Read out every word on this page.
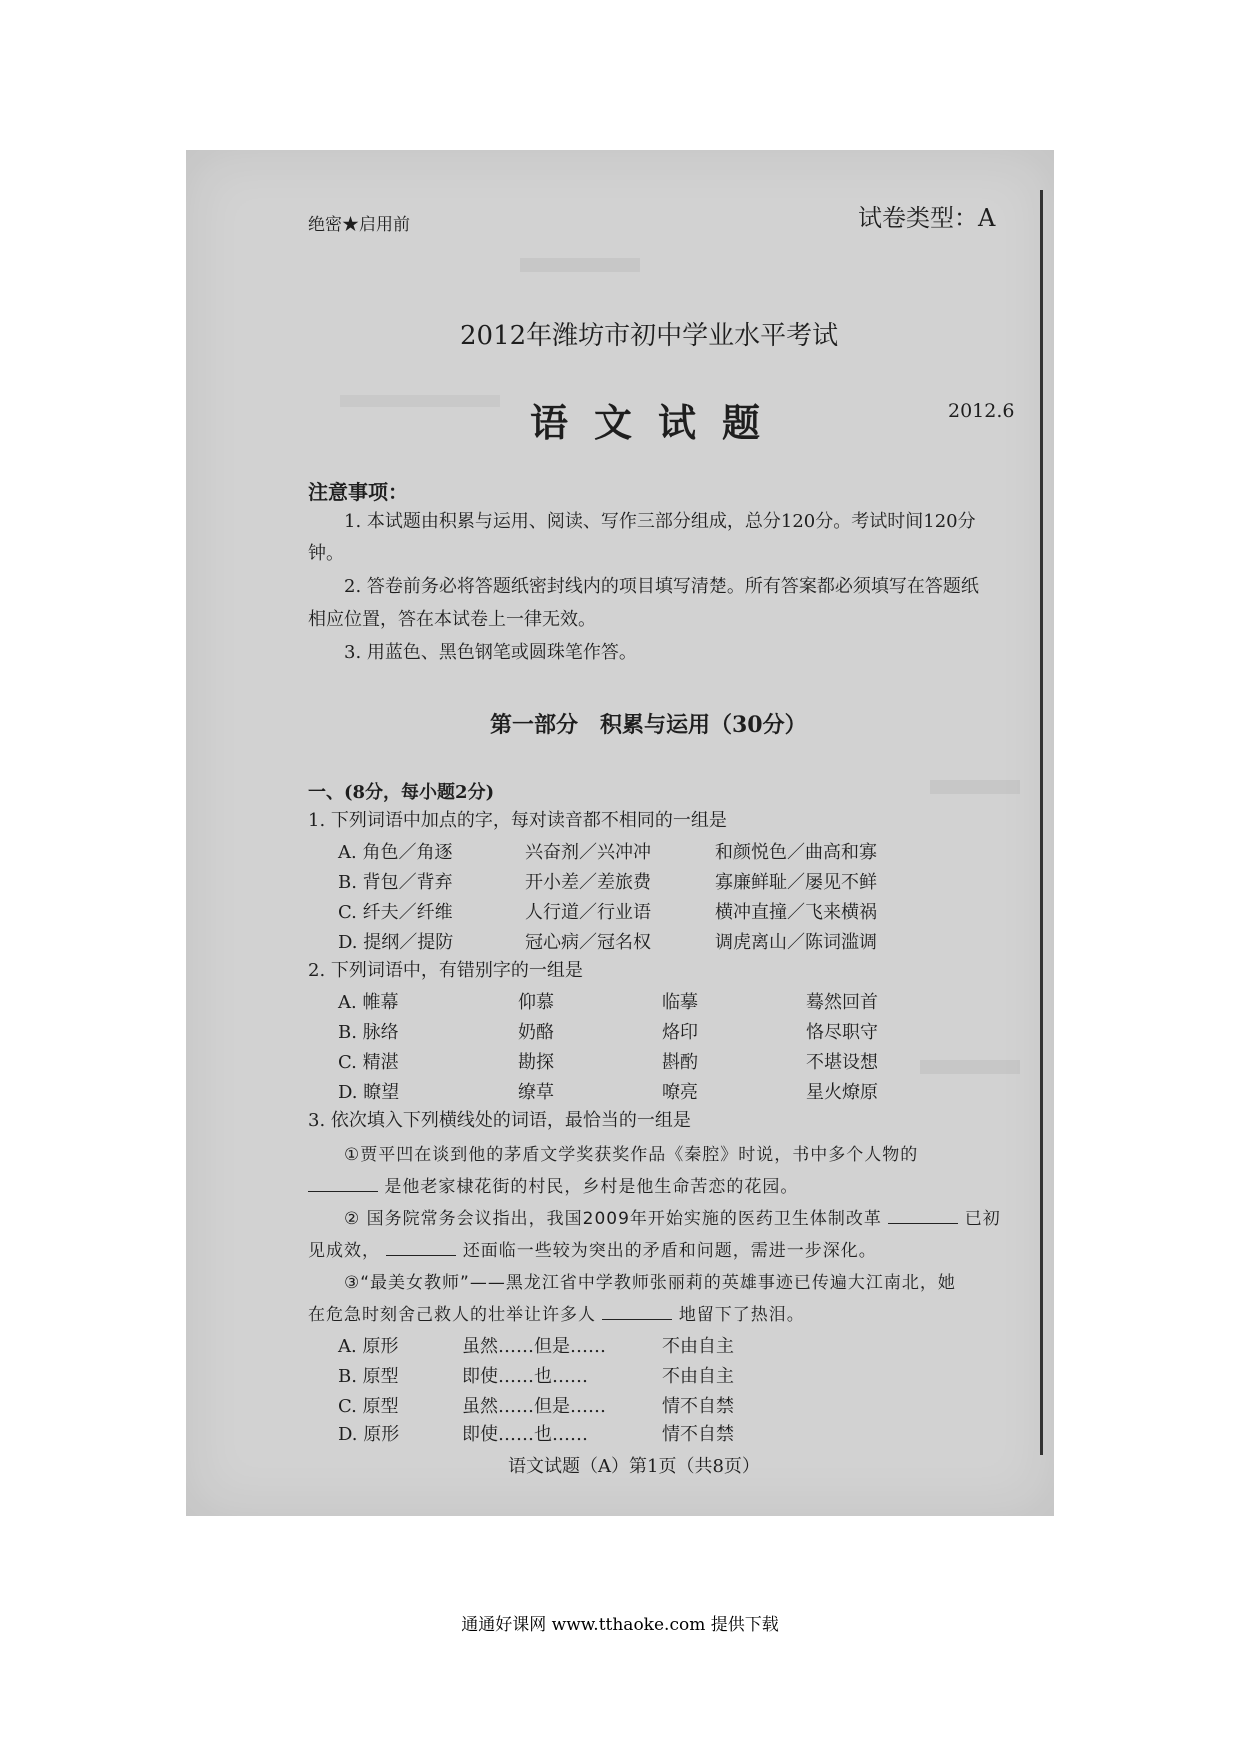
绝密★启用前	试卷类型：A
2012年潍坊市初中学业水平考试
语文试题	2012.6
注意事项：
1. 本试题由积累与运用、阅读、写作三部分组成，总分120分。考试时间120分
钟。
2. 答卷前务必将答题纸密封线内的项目填写清楚。所有答案都必须填写在答题纸
相应位置，答在本试卷上一律无效。
3. 用蓝色、黑色钢笔或圆珠笔作答。
第一部分　积累与运用（30分）
一、(8分，每小题2分)
1. 下列词语中加点的字，每对读音都不相同的一组是
A. 角色／角逐	兴奋剂／兴冲冲	和颜悦色／曲高和寡
B. 背包／背弃	开小差／差旅费	寡廉鲜耻／屡见不鲜
C. 纤夫／纤维	人行道／行业语	横冲直撞／飞来横祸
D. 提纲／提防	冠心病／冠名权	调虎离山／陈词滥调
2. 下列词语中，有错别字的一组是
A. 帷幕	仰慕	临摹	蓦然回首
B. 脉络	奶酪	烙印	恪尽职守
C. 精湛	勘探	斟酌	不堪设想
D. 瞭望	缭草	嘹亮	星火燎原
3. 依次填入下列横线处的词语，最恰当的一组是
①贾平凹在谈到他的茅盾文学奖获奖作品《秦腔》时说，书中多个人物的
是他老家棣花街的村民，乡村是他生命苦恋的花园。
② 国务院常务会议指出，我国2009年开始实施的医药卫生体制改革	已初
见成效，	还面临一些较为突出的矛盾和问题，需进一步深化。
③“最美女教师”——黑龙江省中学教师张丽莉的英雄事迹已传遍大江南北，她
在危急时刻舍己救人的壮举让许多人	地留下了热泪。
A. 原形	虽然……但是……	不由自主
B. 原型	即使……也……	不由自主
C. 原型	虽然……但是……	情不自禁
D. 原形	即使……也……	情不自禁
语文试题（A）第1页（共8页）
通通好课网 www.tthaoke.com 提供下载
